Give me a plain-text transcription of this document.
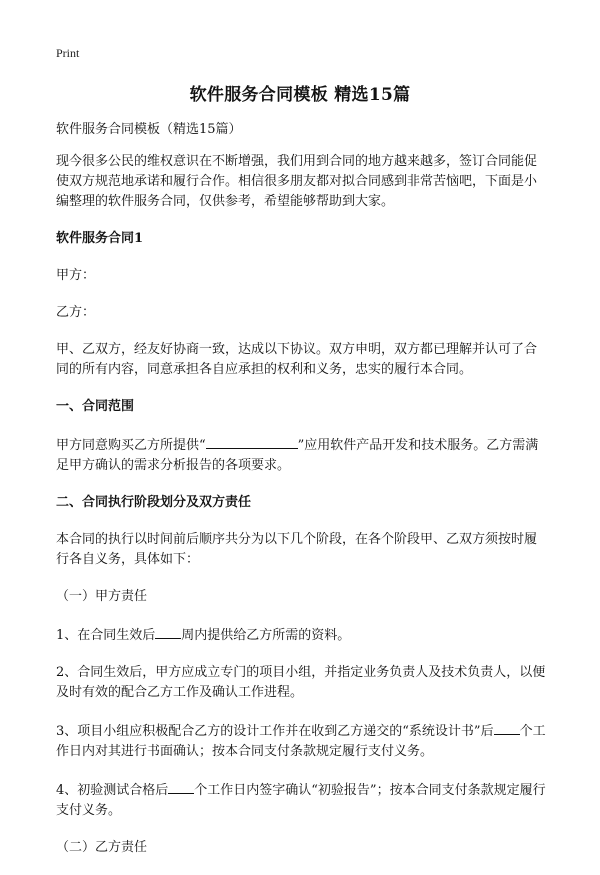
Print
软件服务合同模板 精选15篇

软件服务合同模板（精选15篇）

现今很多公民的维权意识在不断增强，我们用到合同的地方越来越多，签订合同能促使双方规范地承诺和履行合作。相信很多朋友都对拟合同感到非常苦恼吧，下面是小编整理的软件服务合同，仅供参考，希望能够帮助到大家。

软件服务合同1

甲方：

乙方：

甲、乙双方，经友好协商一致，达成以下协议。双方申明，双方都已理解并认可了合同的所有内容，同意承担各自应承担的权利和义务，忠实的履行本合同。

一、合同范围

甲方同意购买乙方所提供“	”应用软件产品开发和技术服务。乙方需满足甲方确认的需求分析报告的各项要求。

二、合同执行阶段划分及双方责任

本合同的执行以时间前后顺序共分为以下几个阶段，在各个阶段甲、乙双方须按时履行各自义务，具体如下：

（一）甲方责任

1、在合同生效后 周内提供给乙方所需的资料。

2、合同生效后，甲方应成立专门的项目小组，并指定业务负责人及技术负责人，以便及时有效的配合乙方工作及确认工作进程。

3、项目小组应积极配合乙方的设计工作并在收到乙方递交的“系统设计书”后 个工作日内对其进行书面确认；按本合同支付条款规定履行支付义务。

4、初验测试合格后 个工作日内签字确认“初验报告”；按本合同支付条款规定履行支付义务。

（二）乙方责任
